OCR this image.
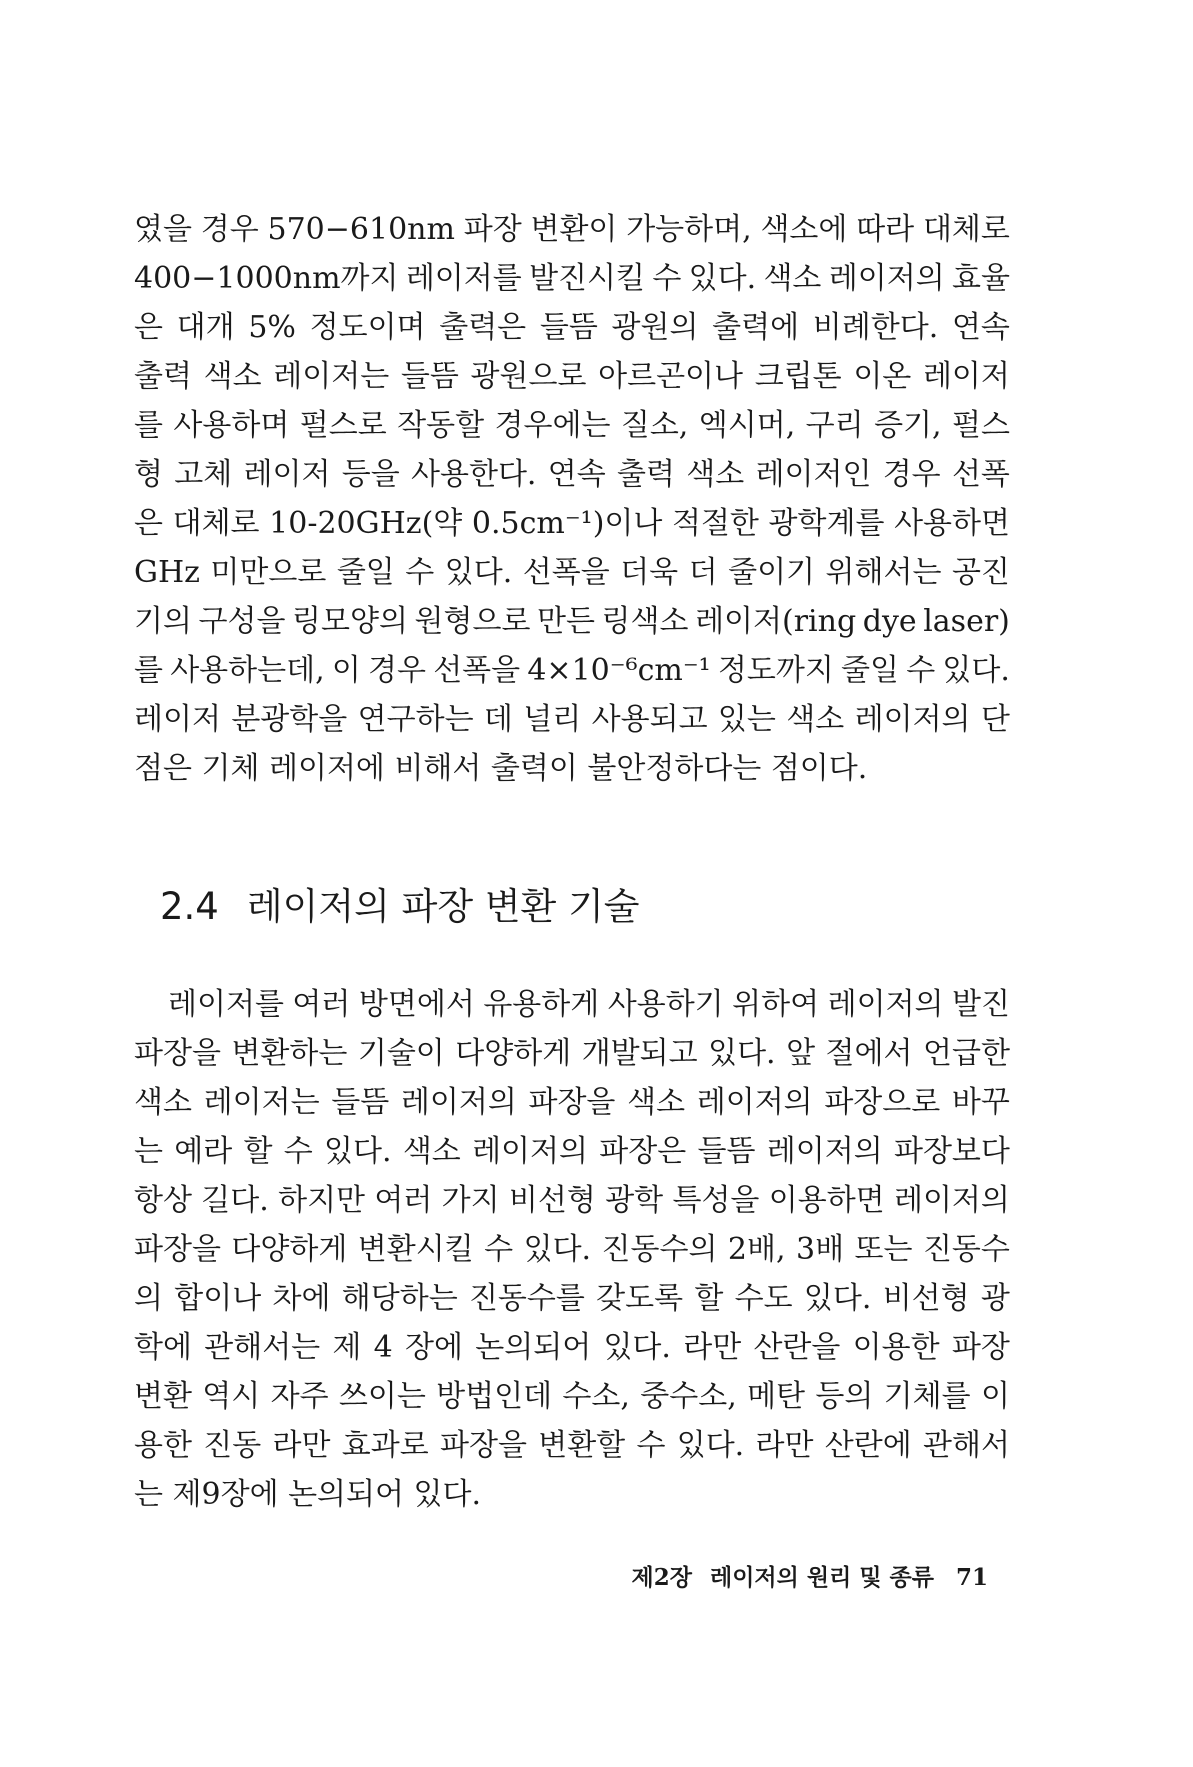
였을 경우 570−610nm 파장 변환이 가능하며, 색소에 따라 대체로
400−1000nm까지 레이저를 발진시킬 수 있다. 색소 레이저의 효율
은 대개 5% 정도이며 출력은 들뜸 광원의 출력에 비례한다. 연속
출력 색소 레이저는 들뜸 광원으로 아르곤이나 크립톤 이온 레이저
를 사용하며 펄스로 작동할 경우에는 질소, 엑시머, 구리 증기, 펄스
형 고체 레이저 등을 사용한다. 연속 출력 색소 레이저인 경우 선폭
은 대체로 10-20GHz(약 0.5cm⁻¹)이나 적절한 광학계를 사용하면
GHz 미만으로 줄일 수 있다. 선폭을 더욱 더 줄이기 위해서는 공진
기의 구성을 링모양의 원형으로 만든 링색소 레이저(ring dye laser)
를 사용하는데, 이 경우 선폭을 4×10⁻⁶cm⁻¹ 정도까지 줄일 수 있다.
레이저 분광학을 연구하는 데 널리 사용되고 있는 색소 레이저의 단
점은 기체 레이저에 비해서 출력이 불안정하다는 점이다.
2.4 레이저의 파장 변환 기술
레이저를 여러 방면에서 유용하게 사용하기 위하여 레이저의 발진
파장을 변환하는 기술이 다양하게 개발되고 있다. 앞 절에서 언급한
색소 레이저는 들뜸 레이저의 파장을 색소 레이저의 파장으로 바꾸
는 예라 할 수 있다. 색소 레이저의 파장은 들뜸 레이저의 파장보다
항상 길다. 하지만 여러 가지 비선형 광학 특성을 이용하면 레이저의
파장을 다양하게 변환시킬 수 있다. 진동수의 2배, 3배 또는 진동수
의 합이나 차에 해당하는 진동수를 갖도록 할 수도 있다. 비선형 광
학에 관해서는 제 4 장에 논의되어 있다. 라만 산란을 이용한 파장
변환 역시 자주 쓰이는 방법인데 수소, 중수소, 메탄 등의 기체를 이
용한 진동 라만 효과로 파장을 변환할 수 있다. 라만 산란에 관해서
는 제9장에 논의되어 있다.
제2장 레이저의 원리 및 종류 71
